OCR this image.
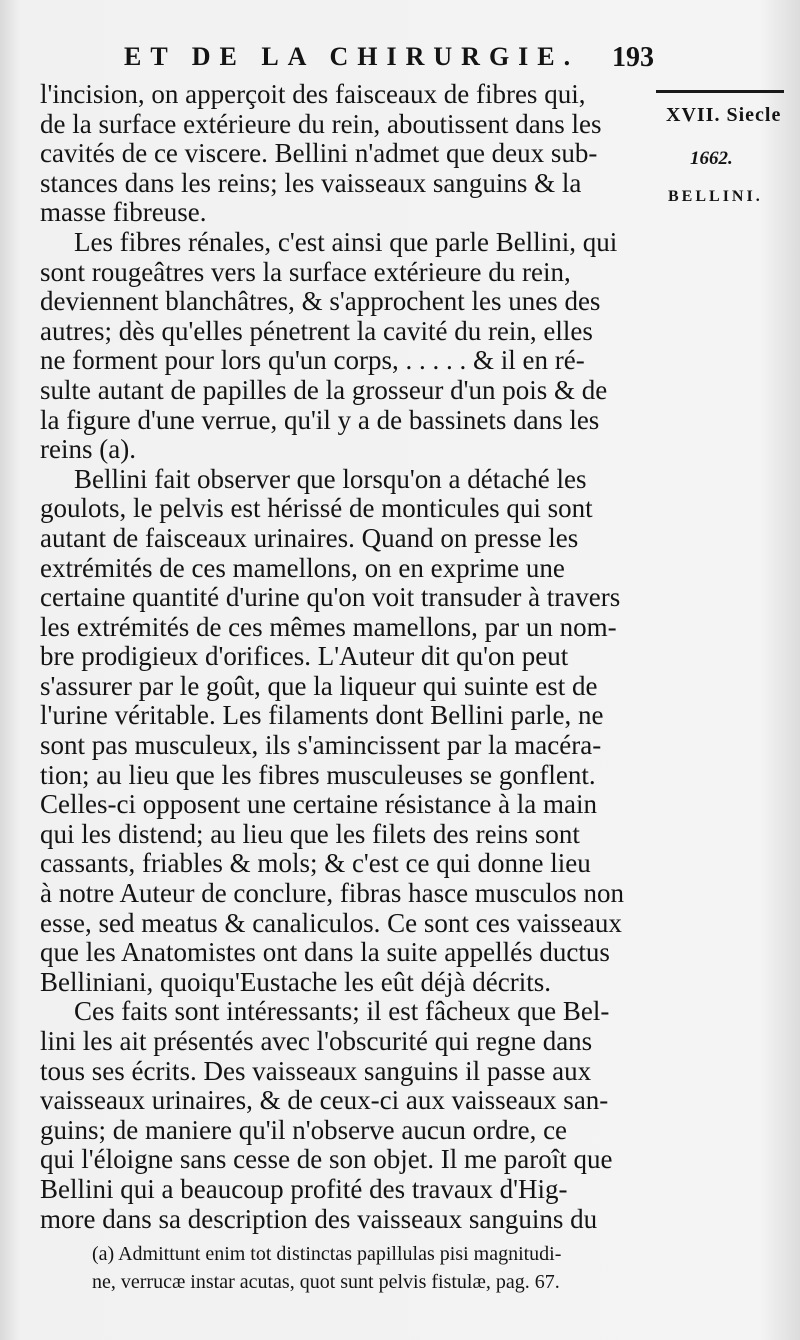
ET DE LA CHIRURGIE. 193
XVII. Siecle
1662.
BELLINI.
l'incision, on apperçoit des faisceaux de fibres qui,
de la surface extérieure du rein, aboutissent dans les
cavités de ce viscere. Bellini n'admet que deux sub-
stances dans les reins; les vaisseaux sanguins & la
masse fibreuse.
Les fibres rénales, c'est ainsi que parle Bellini, qui
sont rougeâtres vers la surface extérieure du rein,
deviennent blanchâtres, & s'approchent les unes des
autres; dès qu'elles pénetrent la cavité du rein, elles
ne forment pour lors qu'un corps, . . . . . & il en ré-
sulte autant de papilles de la grosseur d'un pois & de
la figure d'une verrue, qu'il y a de bassinets dans les
reins (a).
Bellini fait observer que lorsqu'on a détaché les
goulots, le pelvis est hérissé de monticules qui sont
autant de faisceaux urinaires. Quand on presse les
extrémités de ces mamellons, on en exprime une
certaine quantité d'urine qu'on voit transuder à travers
les extrémités de ces mêmes mamellons, par un nom-
bre prodigieux d'orifices. L'Auteur dit qu'on peut
s'assurer par le goût, que la liqueur qui suinte est de
l'urine véritable. Les filaments dont Bellini parle, ne
sont pas musculeux, ils s'amincissent par la macéra-
tion; au lieu que les fibres musculeuses se gonflent.
Celles-ci opposent une certaine résistance à la main
qui les distend; au lieu que les filets des reins sont
cassants, friables & mols; & c'est ce qui donne lieu
à notre Auteur de conclure, fibras hasce musculos non
esse, sed meatus & canaliculos. Ce sont ces vaisseaux
que les Anatomistes ont dans la suite appellés ductus
Belliniani, quoiqu'Eustache les eût déjà décrits.
Ces faits sont intéressants; il est fâcheux que Bel-
lini les ait présentés avec l'obscurité qui regne dans
tous ses écrits. Des vaisseaux sanguins il passe aux
vaisseaux urinaires, & de ceux-ci aux vaisseaux san-
guins; de maniere qu'il n'observe aucun ordre, ce
qui l'éloigne sans cesse de son objet. Il me paroît que
Bellini qui a beaucoup profité des travaux d'Hig-
more dans sa description des vaisseaux sanguins du
(a) Admittunt enim tot distinctas papillulas pisi magnitudi-
ne, verrucæ instar acutas, quot sunt pelvis fistulæ, pag. 67.
